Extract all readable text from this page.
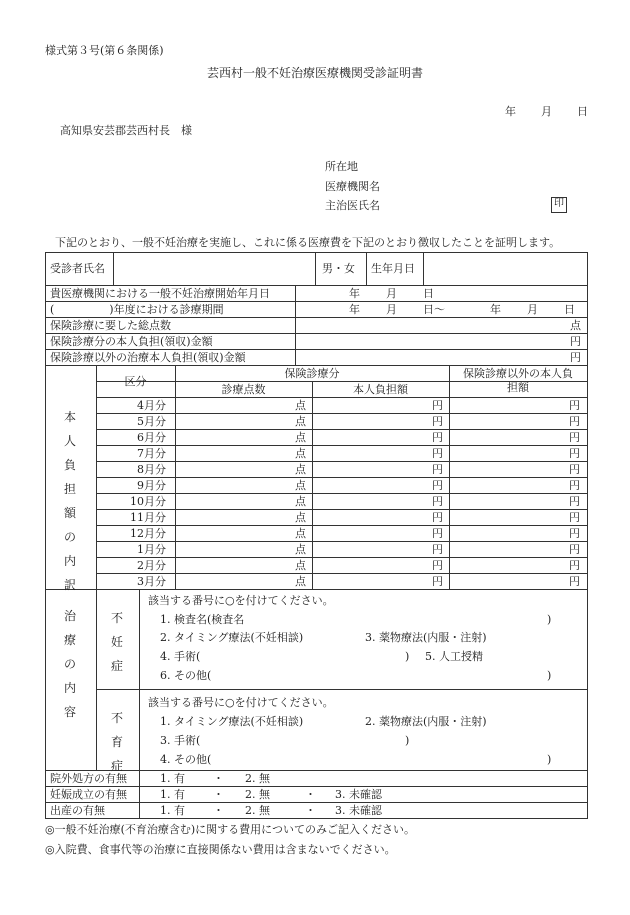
様式第３号(第６条関係)
芸西村一般不妊治療医療機関受診証明書
年 月 日
高知県安芸郡芸西村長　様
所在地
医療機関名
主治医氏名	印
下記のとおり、一般不妊治療を実施し、これに係る医療費を下記のとおり徴収したことを証明します。
受診者氏名	男・女 生年月日
貴医療機関における一般不妊治療開始年月日	年 月 日
(　　　　　)年度における診療期間	年 月 日～	年 月 日
保険診療に要した総点数	点
保険診療分の本人負担(領収)金額	円
保険診療以外の治療本人負担(領収)金額	円
区分
保険診療分
診療点数	本人負担額
保険診療以外の本人負担額
本人負担額の内訳
4月分	点	円	円
5月分	点	円	円
6月分	点	円	円
7月分	点	円	円
8月分	点	円	円
9月分	点	円	円
10月分	点	円	円
11月分	点	円	円
12月分	点	円	円
1月分	点	円	円
2月分	点	円	円
3月分	点	円	円
治療の内容
不妊症
不育症
該当する番号に○を付けてください。
1. 検査名(検査名	)
2. タイミング療法(不妊相談)	3. 薬物療法(内服・注射)
4. 手術(	) 5. 人工授精
6. その他(	)
該当する番号に○を付けてください。
1. タイミング療法(不妊相談)	2. 薬物療法(内服・注射)
3. 手術(	)
4. その他(	)
院外処方の有無	1. 有	・ 2. 無
妊娠成立の有無	1. 有	・ 2. 無	・ 3. 未確認
出産の有無	1. 有	・ 2. 無	・ 3. 未確認
◎一般不妊治療(不育治療含む)に関する費用についてのみご記入ください。
◎入院費、食事代等の治療に直接関係ない費用は含まないでください。
